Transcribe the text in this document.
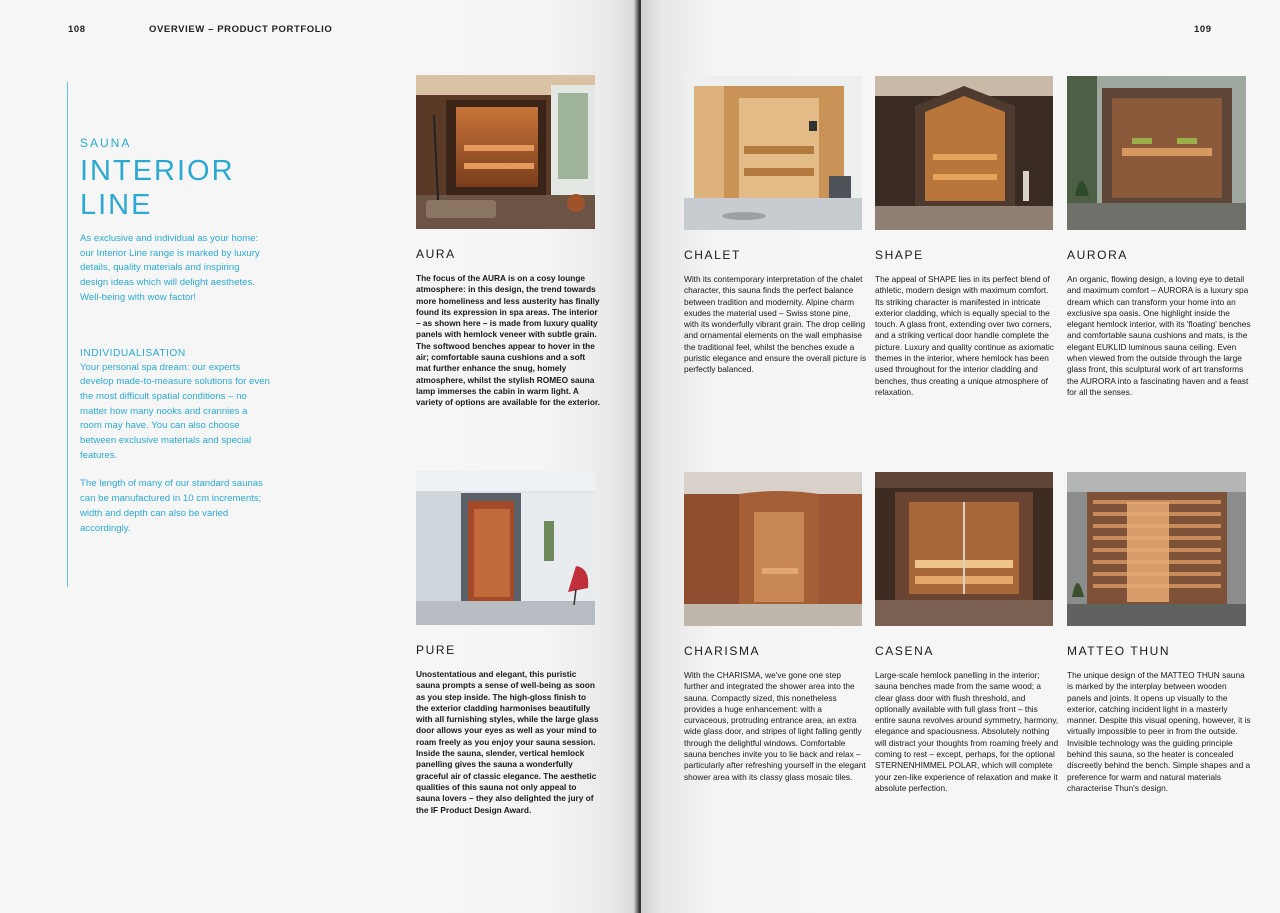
108	OVERVIEW – PRODUCT PORTFOLIO
SAUNA
INTERIOR
LINE

As exclusive and individual as your home: our Interior Line range is marked by luxury details, quality materials and inspiring design ideas which will delight aesthetes. Well-being with wow factor!

INDIVIDUALISATION

Your personal spa dream: our experts develop made-to-measure solutions for even the most difficult spatial conditions – no matter how many nooks and crannies a room may have. You can also choose between exclusive materials and special features.

The length of many of our standard saunas can be manufactured in 10 cm increments; width and depth can also be varied accordingly.

AURA

The focus of the AURA is on a cosy lounge atmosphere: in this design, the trend towards more homeliness and less austerity has finally found its expression in spa areas. The interior – as shown here – is made from luxury quality panels with hemlock veneer with subtle grain. The softwood benches appear to hover in the air; comfortable sauna cushions and a soft mat further enhance the snug, homely atmosphere, whilst the stylish ROMEO sauna lamp immerses the cabin in warm light. A variety of options are available for the exterior.

PURE

Unostentatious and elegant, this puristic sauna prompts a sense of well-being as soon as you step inside. The high-gloss finish to the exterior cladding harmonises beautifully with all furnishing styles, while the large glass door allows your eyes as well as your mind to roam freely as you enjoy your sauna session. Inside the sauna, slender, vertical hemlock panelling gives the sauna a wonderfully graceful air of classic elegance. The aesthetic qualities of this sauna not only appeal to sauna lovers – they also delighted the jury of the IF Product Design Award.

109
CHALET

With its contemporary interpretation of the chalet character, this sauna finds the perfect balance between tradition and modernity. Alpine charm exudes the material used – Swiss stone pine, with its wonderfully vibrant grain. The drop ceiling and ornamental elements on the wall emphasise the traditional feel, whilst the benches exude a puristic elegance and ensure the overall picture is perfectly balanced.

SHAPE

The appeal of SHAPE lies in its perfect blend of athletic, modern design with maximum comfort. Its striking character is manifested in intricate exterior cladding, which is equally special to the touch. A glass front, extending over two corners, and a striking vertical door handle complete the picture. Luxury and quality continue as axiomatic themes in the interior, where hemlock has been used throughout for the interior cladding and benches, thus creating a unique atmosphere of relaxation.

AURORA

An organic, flowing design, a loving eye to detail and maximum comfort – AURORA is a luxury spa dream which can transform your home into an exclusive spa oasis. One highlight inside the elegant hemlock interior, with its 'floating' benches and comfortable sauna cushions and mats, is the elegant EUKLID luminous sauna ceiling. Even when viewed from the outside through the large glass front, this sculptural work of art transforms the AURORA into a fascinating haven and a feast for all the senses.

CHARISMA

With the CHARISMA, we've gone one step further and integrated the shower area into the sauna. Compactly sized, this nonetheless provides a huge enhancement: with a curvaceous, protruding entrance area, an extra wide glass door, and stripes of light falling gently through the delightful windows. Comfortable sauna benches invite you to lie back and relax – particularly after refreshing yourself in the elegant shower area with its classy glass mosaic tiles.

CASENA

Large-scale hemlock panelling in the interior; sauna benches made from the same wood; a clear glass door with flush threshold, and optionally available with full glass front – this entire sauna revolves around symmetry, harmony, elegance and spaciousness. Absolutely nothing will distract your thoughts from roaming freely and coming to rest – except, perhaps, for the optional STERNENHIMMEL POLAR, which will complete your zen-like experience of relaxation and make it absolute perfection.

MATTEO THUN

The unique design of the MATTEO THUN sauna is marked by the interplay between wooden panels and joints. It opens up visually to the exterior, catching incident light in a masterly manner. Despite this visual opening, however, it is virtually impossible to peer in from the outside. Invisible technology was the guiding principle behind this sauna, so the heater is concealed discreetly behind the bench. Simple shapes and a preference for warm and natural materials characterise Thun's design.
